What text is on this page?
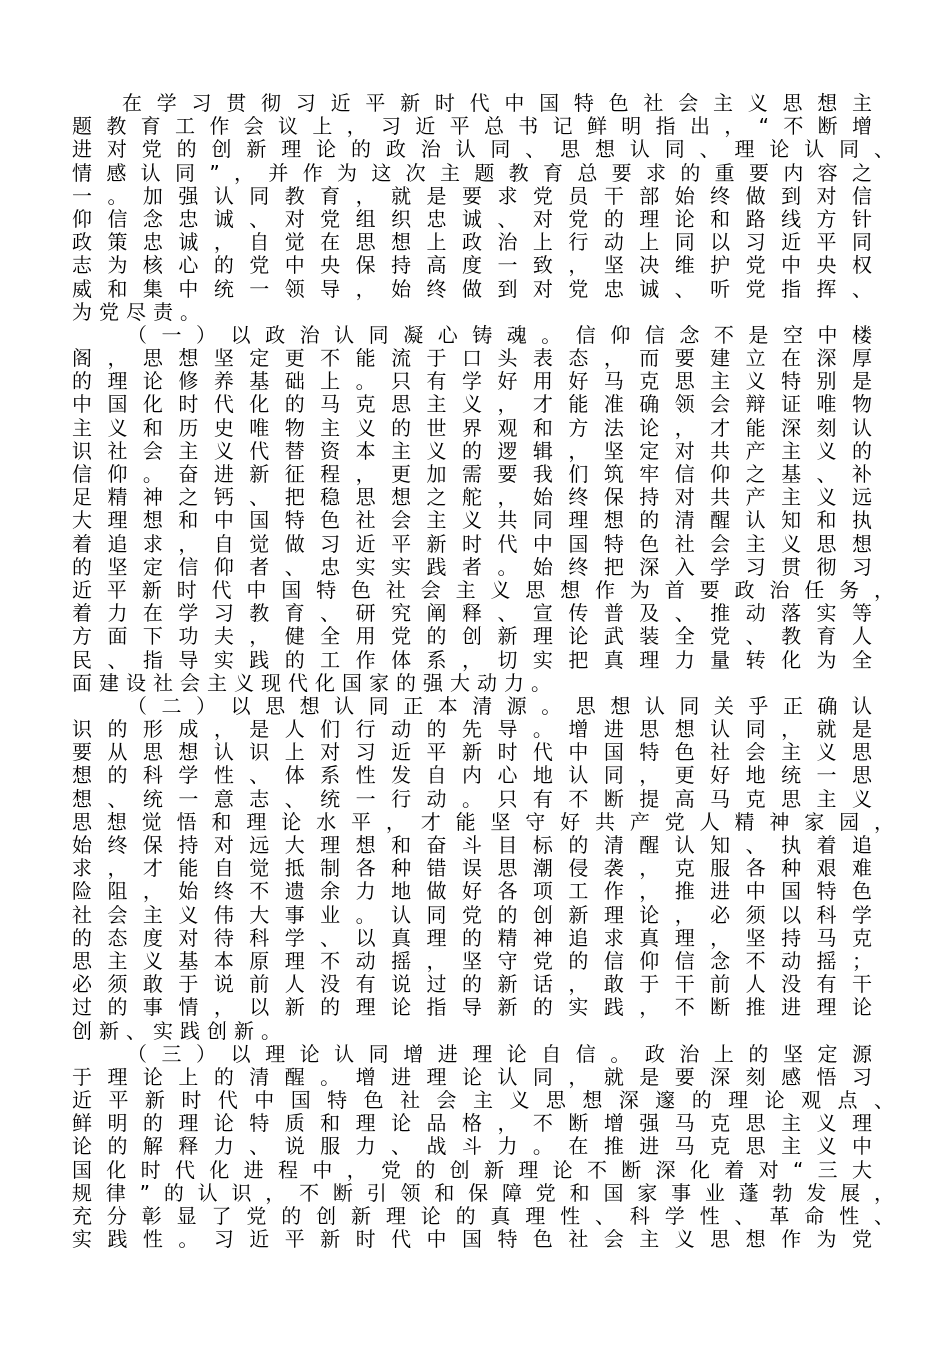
在学习贯彻习近平新时代中国特色社会主义思想主
题教育工作会议上，习近平总书记鲜明指出，“不断增
进对党的创新理论的政治认同、思想认同、理论认同、
情感认同”，并作为这次主题教育总要求的重要内容之
一。加强认同教育，就是要求党员干部始终做到对信
仰信念忠诚、对党组织忠诚、对党的理论和路线方针
政策忠诚，自觉在思想上政治上行动上同以习近平同
志为核心的党中央保持高度一致，坚决维护党中央权
威和集中统一领导，始终做到对党忠诚、听党指挥、
为党尽责。
（一）以政治认同凝心铸魂。信仰信念不是空中楼
阁，思想坚定更不能流于口头表态，而要建立在深厚
的理论修养基础上。只有学好用好马克思主义特别是
中国化时代化的马克思主义，才能准确领会辩证唯物
主义和历史唯物主义的世界观和方法论，才能深刻认
识社会主义代替资本主义的逻辑，坚定对共产主义的
信仰。奋进新征程，更加需要我们筑牢信仰之基、补
足精神之钙、把稳思想之舵，始终保持对共产主义远
大理想和中国特色社会主义共同理想的清醒认知和执
着追求，自觉做习近平新时代中国特色社会主义思想
的坚定信仰者、忠实实践者。始终把深入学习贯彻习
近平新时代中国特色社会主义思想作为首要政治任务，
着力在学习教育、研究阐释、宣传普及、推动落实等
方面下功夫，健全用党的创新理论武装全党、教育人
民、指导实践的工作体系，切实把真理力量转化为全
面建设社会主义现代化国家的强大动力。
（二）以思想认同正本清源。思想认同关乎正确认
识的形成，是人们行动的先导。增进思想认同，就是
要从思想认识上对习近平新时代中国特色社会主义思
想的科学性、体系性发自内心地认同，更好地统一思
想、统一意志、统一行动。只有不断提高马克思主义
思想觉悟和理论水平，才能坚守好共产党人精神家园，
始终保持对远大理想和奋斗目标的清醒认知、执着追
求，才能自觉抵制各种错误思潮侵袭，克服各种艰难
险阻，始终不遗余力地做好各项工作，推进中国特色
社会主义伟大事业。认同党的创新理论，必须以科学
的态度对待科学、以真理的精神追求真理，坚持马克
思主义基本原理不动摇，坚守党的信仰信念不动摇；
必须敢于说前人没有说过的新话，敢于干前人没有干
过的事情，以新的理论指导新的实践，不断推进理论
创新、实践创新。
（三）以理论认同增进理论自信。政治上的坚定源
于理论上的清醒。增进理论认同，就是要深刻感悟习
近平新时代中国特色社会主义思想深邃的理论观点、
鲜明的理论特质和理论品格，不断增强马克思主义理
论的解释力、说服力、战斗力。在推进马克思主义中
国化时代化进程中，党的创新理论不断深化着对“三大
规律”的认识，不断引领和保障党和国家事业蓬勃发展，
充分彰显了党的创新理论的真理性、科学性、革命性、
实践性。习近平新时代中国特色社会主义思想作为党
